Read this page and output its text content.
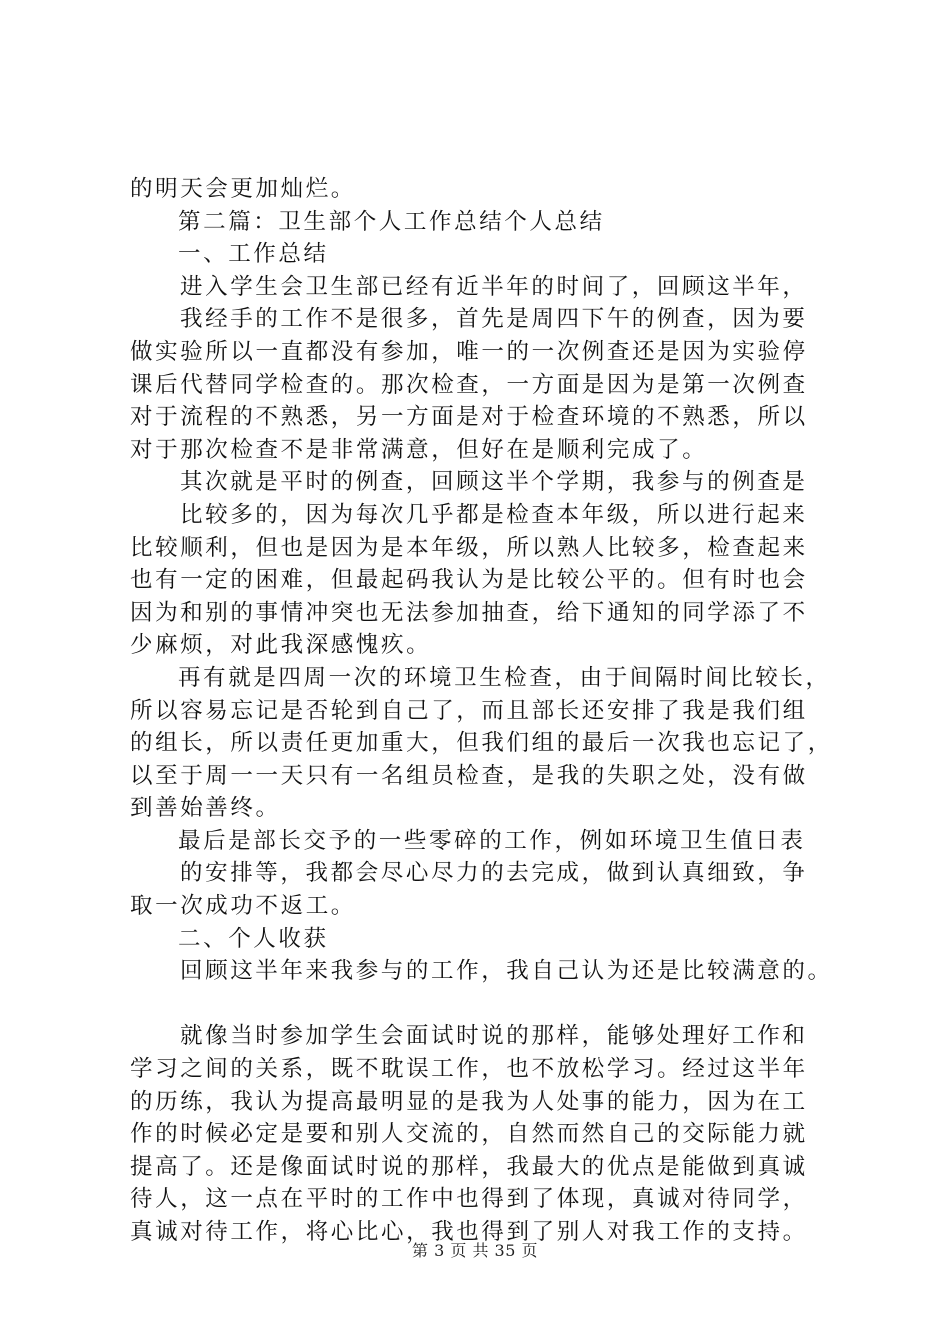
的明天会更加灿烂。
第二篇：卫生部个人工作总结个人总结
一、工作总结
进入学生会卫生部已经有近半年的时间了，回顾这半年，
我经手的工作不是很多，首先是周四下午的例查，因为要
做实验所以一直都没有参加，唯一的一次例查还是因为实验停
课后代替同学检查的。那次检查，一方面是因为是第一次例查
对于流程的不熟悉，另一方面是对于检查环境的不熟悉，所以
对于那次检查不是非常满意，但好在是顺利完成了。
其次就是平时的例查，回顾这半个学期，我参与的例查是
比较多的，因为每次几乎都是检查本年级，所以进行起来
比较顺利，但也是因为是本年级，所以熟人比较多，检查起来
也有一定的困难，但最起码我认为是比较公平的。但有时也会
因为和别的事情冲突也无法参加抽查，给下通知的同学添了不
少麻烦，对此我深感愧疚。
再有就是四周一次的环境卫生检查，由于间隔时间比较长，
所以容易忘记是否轮到自己了，而且部长还安排了我是我们组
的组长，所以责任更加重大，但我们组的最后一次我也忘记了，
以至于周一一天只有一名组员检查，是我的失职之处，没有做
到善始善终。
最后是部长交予的一些零碎的工作，例如环境卫生值日表
的安排等，我都会尽心尽力的去完成，做到认真细致，争
取一次成功不返工。
二、个人收获
回顾这半年来我参与的工作，我自己认为还是比较满意的。
就像当时参加学生会面试时说的那样，能够处理好工作和
学习之间的关系，既不耽误工作，也不放松学习。经过这半年
的历练，我认为提高最明显的是我为人处事的能力，因为在工
作的时候必定是要和别人交流的，自然而然自己的交际能力就
提高了。还是像面试时说的那样，我最大的优点是能做到真诚
待人，这一点在平时的工作中也得到了体现，真诚对待同学，
真诚对待工作，将心比心，我也得到了别人对我工作的支持。
第 3 页 共 35 页
